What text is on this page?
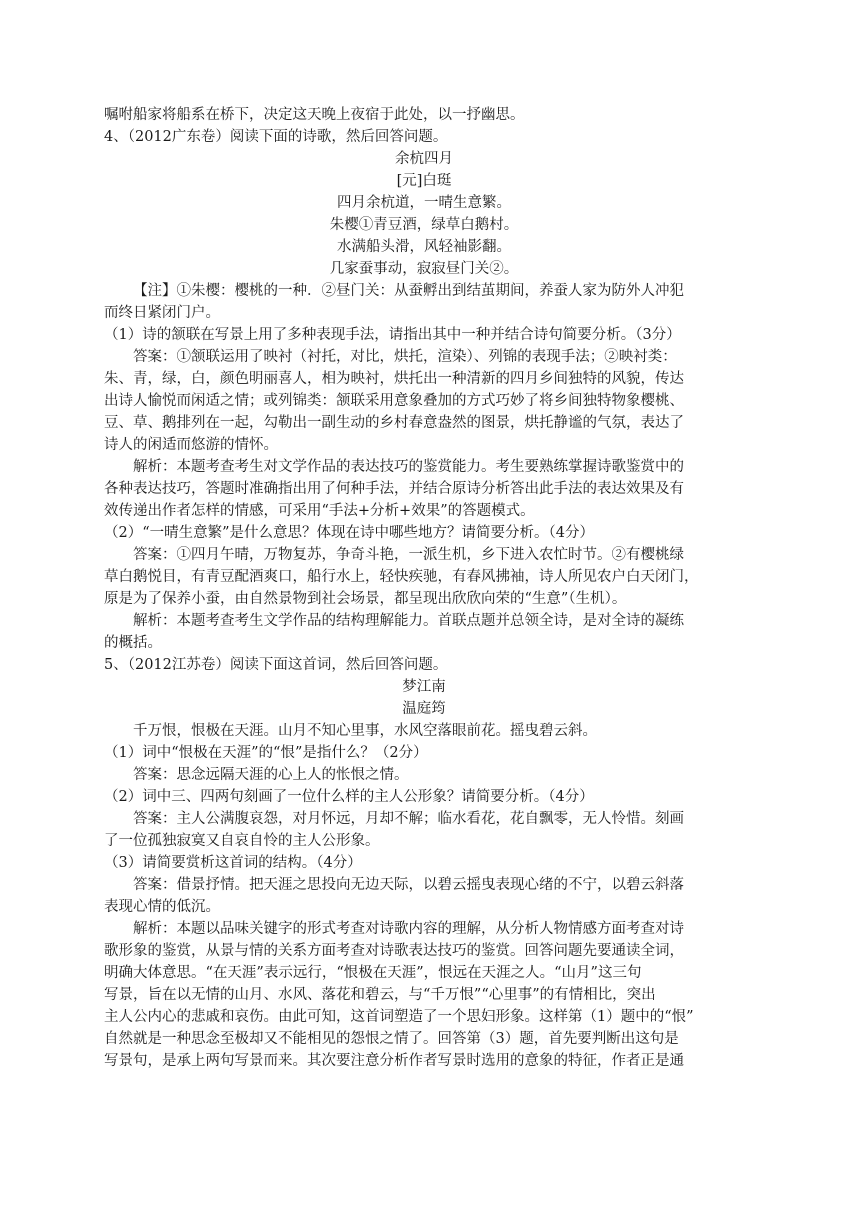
嘱咐船家将船系在桥下，决定这天晚上夜宿于此处，以一抒幽思。
4、（2012广东卷）阅读下面的诗歌，然后回答问题。
余杭四月
[元]白珽
四月余杭道，一晴生意繁。
朱樱①青豆酒，绿草白鹅村。
水满船头滑，风轻袖影翻。
几家蚕事动，寂寂昼门关②。
【注】①朱樱：樱桃的一种．②昼门关：从蚕孵出到结茧期间，养蚕人家为防外人冲犯
而终日紧闭门户。
（1）诗的颔联在写景上用了多种表现手法，请指出其中一种并结合诗句简要分析。（3分）
答案：①颔联运用了映衬（衬托，对比，烘托，渲染）、列锦的表现手法；②映衬类：
朱、青，绿，白，颜色明丽喜人，相为映衬，烘托出一种清新的四月乡间独特的风貌，传达
出诗人愉悦而闲适之情；或列锦类：颔联采用意象叠加的方式巧妙了将乡间独特物象樱桃、
豆、草、鹅排列在一起，勾勒出一副生动的乡村春意盎然的图景，烘托静谧的气氛，表达了
诗人的闲适而悠游的情怀。
解析：本题考查考生对文学作品的表达技巧的鉴赏能力。考生要熟练掌握诗歌鉴赏中的
各种表达技巧，答题时准确指出用了何种手法，并结合原诗分析答出此手法的表达效果及有
效传递出作者怎样的情感，可采用“手法+分析+效果”的答题模式。
（2）“一晴生意繁”是什么意思？体现在诗中哪些地方？请简要分析。（4分）
答案：①四月午晴，万物复苏，争奇斗艳，一派生机，乡下进入农忙时节。②有樱桃绿
草白鹅悦目，有青豆配酒爽口，船行水上，轻快疾驰，有春风拂袖，诗人所见农户白天闭门，
原是为了保养小蚕，由自然景物到社会场景，都呈现出欣欣向荣的“生意”（生机）。
解析：本题考查考生文学作品的结构理解能力。首联点题并总领全诗，是对全诗的凝练
的概括。
5、（2012江苏卷）阅读下面这首词，然后回答问题。
梦江南
温庭筠
千万恨，恨极在天涯。山月不知心里事，水风空落眼前花。摇曳碧云斜。
（1）词中“恨极在天涯”的“恨”是指什么？（2分）
答案：思念远隔天涯的心上人的怅恨之情。
（2）词中三、四两句刻画了一位什么样的主人公形象？请简要分析。（4分）
答案：主人公满腹哀怨，对月怀远，月却不解；临水看花，花自飘零，无人怜惜。刻画
了一位孤独寂寞又自哀自怜的主人公形象。
（3）请简要赏析这首词的结构。（4分）
答案：借景抒情。把天涯之思投向无边天际，以碧云摇曳表现心绪的不宁，以碧云斜落
表现心情的低沉。
解析：本题以品味关键字的形式考查对诗歌内容的理解，从分析人物情感方面考查对诗
歌形象的鉴赏，从景与情的关系方面考查对诗歌表达技巧的鉴赏。回答问题先要通读全词，
明确大体意思。“在天涯”表示远行，“恨极在天涯”，恨远在天涯之人。“山月”这三句
写景，旨在以无情的山月、水风、落花和碧云，与“千万恨”“心里事”的有情相比，突出
主人公内心的悲戚和哀伤。由此可知，这首词塑造了一个思妇形象。这样第（1）题中的“恨”
自然就是一种思念至极却又不能相见的怨恨之情了。回答第（3）题，首先要判断出这句是
写景句，是承上两句写景而来。其次要注意分析作者写景时选用的意象的特征，作者正是通
